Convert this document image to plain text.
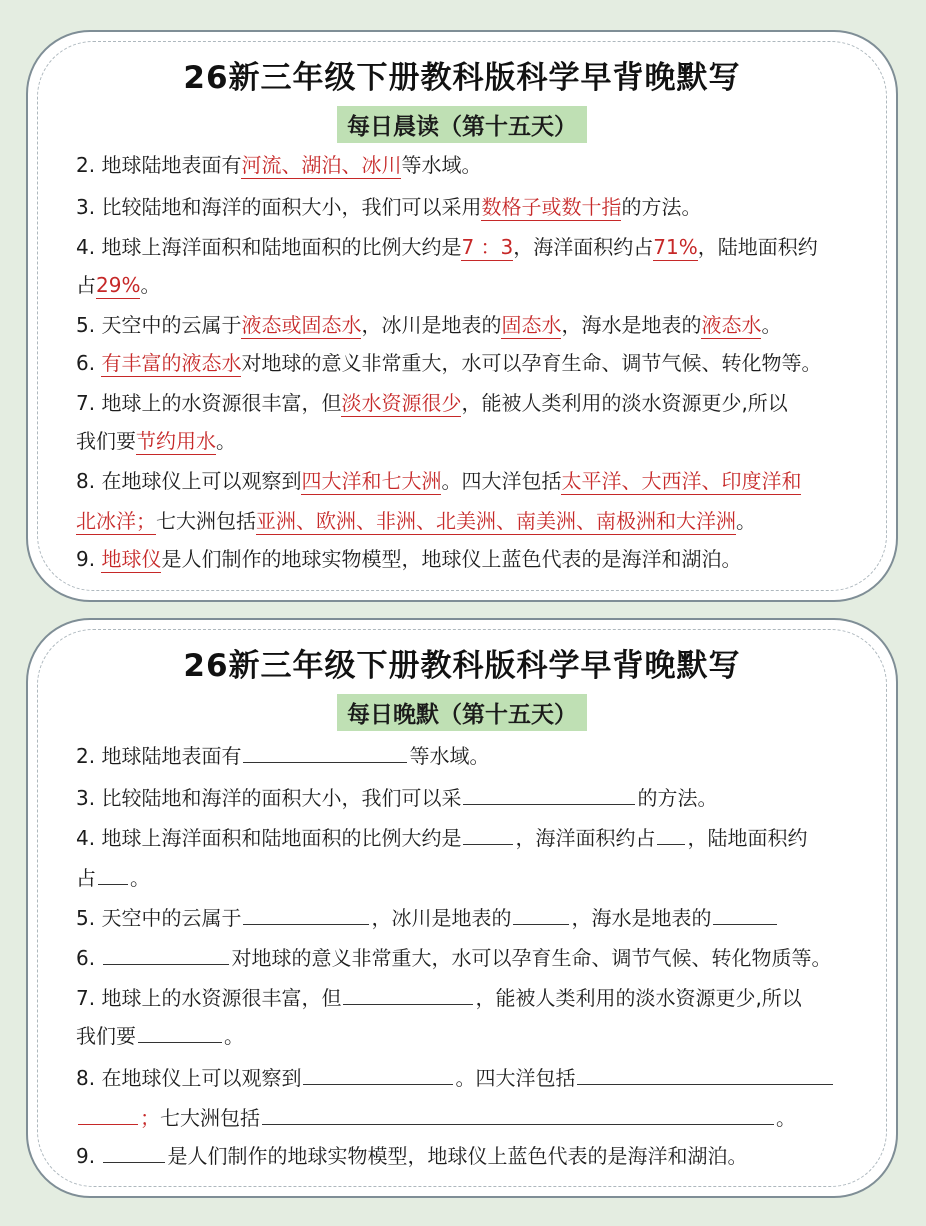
26新三年级下册教科版科学早背晚默写
每日晨读（第十五天）
2. 地球陆地表面有河流、湖泊、冰川等水域。
3. 比较陆地和海洋的面积大小，我们可以采用数格子或数十指的方法。
4. 地球上海洋面积和陆地面积的比例大约是7 ：3，海洋面积约占71%，陆地面积约
占29%。
5. 天空中的云属于液态或固态水，冰川是地表的固态水，海水是地表的液态水。
6. 有丰富的液态水对地球的意义非常重大，水可以孕育生命、调节气候、转化物等。
7. 地球上的水资源很丰富，但淡水资源很少，能被人类利用的淡水资源更少,所以
我们要节约用水。
8. 在地球仪上可以观察到四大洋和七大洲。四大洋包括太平洋、大西洋、印度洋和
北冰洋；七大洲包括亚洲、欧洲、非洲、北美洲、南美洲、南极洲和大洋洲。
9. 地球仪是人们制作的地球实物模型，地球仪上蓝色代表的是海洋和湖泊。
26新三年级下册教科版科学早背晚默写
每日晚默（第十五天）
2. 地球陆地表面有	等水域。
3. 比较陆地和海洋的面积大小，我们可以采	的方法。
4. 地球上海洋面积和陆地面积的比例大约是	，海洋面积约占 ，陆地面积约
占 。
5. 天空中的云属于	，冰川是地表的	，海水是地表的
6.	对地球的意义非常重大，水可以孕育生命、调节气候、转化物质等。
7. 地球上的水资源很丰富，但	，能被人类利用的淡水资源更少,所以
我们要	。
8. 在地球仪上可以观察到	。四大洋包括
；七大洲包括	。
9.	是人们制作的地球实物模型，地球仪上蓝色代表的是海洋和湖泊。
